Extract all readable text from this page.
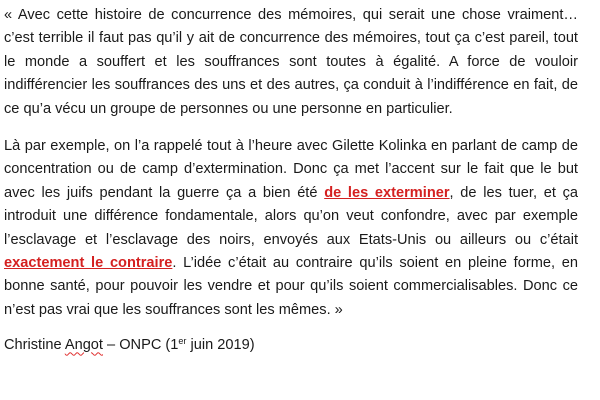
« Avec cette histoire de concurrence des mémoires, qui serait une chose vraiment… c’est terrible il faut pas qu’il y ait de concurrence des mémoires, tout ça c’est pareil, tout le monde a souffert et les souffrances sont toutes à égalité. A force de vouloir indifférencier les souffrances des uns et des autres, ça conduit à l’indifférence en fait, de ce qu’a vécu un groupe de personnes ou une personne en particulier.

Là par exemple, on l’a rappelé tout à l’heure avec Gilette Kolinka en parlant de camp de concentration ou de camp d’extermination. Donc ça met l’accent sur le fait que le but avec les juifs pendant la guerre ça a bien été de les exterminer, de les tuer, et ça introduit une différence fondamentale, alors qu’on veut confondre, avec par exemple l’esclavage et l’esclavage des noirs, envoyés aux Etats-Unis ou ailleurs ou c’était exactement le contraire. L’idée c’était au contraire qu’ils soient en pleine forme, en bonne santé, pour pouvoir les vendre et pour qu’ils soient commercialisables. Donc ce n’est pas vrai que les souffrances sont les mêmes. »

Christine Angot – ONPC (1er juin 2019)
